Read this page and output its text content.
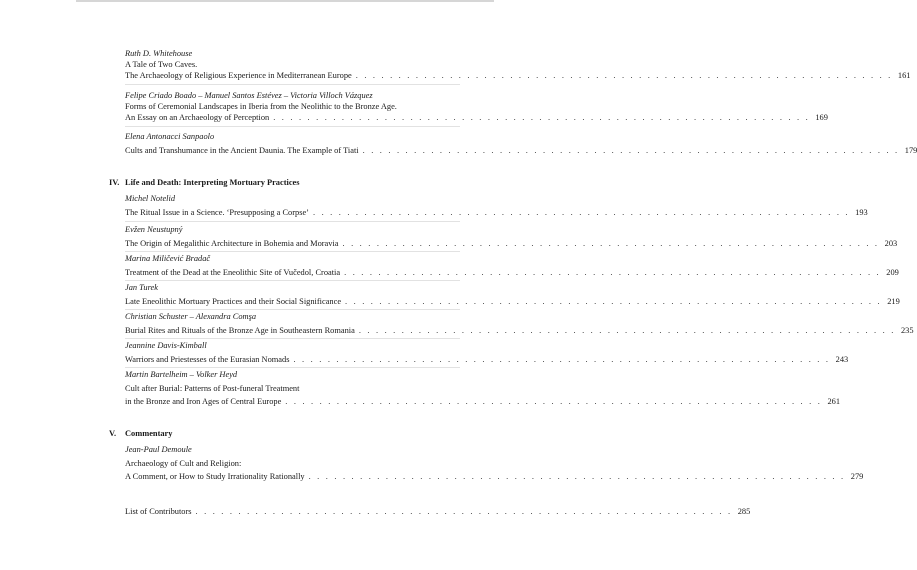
Ruth D. Whitehouse
A Tale of Two Caves.
The Archaeology of Religious Experience in Mediterranean Europe . . . . . . . . . . . . . . . . . . . . . . . . . . . . . . . . . . . . . . . . . . . . . . . . . . . . . . . . . . . . . . . 161
Felipe Criado Boado – Manuel Santos Estévez – Victoria Villoch Vázquez
Forms of Ceremonial Landscapes in Iberia from the Neolithic to the Bronze Age.
An Essay on an Archaeology of Perception . . . . . . . . . . . . . . . . . . . . . . . . . . . . . . . . . . . . . . . . . . . . . . . . . . . . . . . . . . . . . . . 169
Elena Antonacci Sanpaolo
Cults and Transhumance in the Ancient Daunia. The Example of Tiati . . . . . . . . . . . . . . . . . . . . . . . . . . . . . . . . . . . . . . . . . . . . . . . . . . . . . . . . . . . . . . . 179
IV. Life and Death: Interpreting Mortuary Practices
Michel Notelid
The Ritual Issue in a Science. ‘Presupposing a Corpse’ . . . . . . . . . . . . . . . . . . . . . . . . . . . . . . . . . . . . . . . . . . . . . . . . . . . . . . . . . . . . . . . 193
Evžen Neustupný
The Origin of Megalithic Architecture in Bohemia and Moravia . . . . . . . . . . . . . . . . . . . . . . . . . . . . . . . . . . . . . . . . . . . . . . . . . . . . . . . . . . . . . . . 203
Marina Miličević Bradač
Treatment of the Dead at the Eneolithic Site of Vučedol, Croatia . . . . . . . . . . . . . . . . . . . . . . . . . . . . . . . . . . . . . . . . . . . . . . . . . . . . . . . . . . . . . . . 209
Jan Turek
Late Eneolithic Mortuary Practices and their Social Significance . . . . . . . . . . . . . . . . . . . . . . . . . . . . . . . . . . . . . . . . . . . . . . . . . . . . . . . . . . . . . . . 219
Christian Schuster – Alexandra Comşa
Burial Rites and Rituals of the Bronze Age in Southeastern Romania . . . . . . . . . . . . . . . . . . . . . . . . . . . . . . . . . . . . . . . . . . . . . . . . . . . . . . . . . . . . . . . 235
Jeannine Davis-Kimball
Warriors and Priestesses of the Eurasian Nomads . . . . . . . . . . . . . . . . . . . . . . . . . . . . . . . . . . . . . . . . . . . . . . . . . . . . . . . . . . . . . . . 243
Martin Bartelheim – Volker Heyd
Cult after Burial: Patterns of Post-funeral Treatment
in the Bronze and Iron Ages of Central Europe . . . . . . . . . . . . . . . . . . . . . . . . . . . . . . . . . . . . . . . . . . . . . . . . . . . . . . . . . . . . . . . 261
V. Commentary
Jean-Paul Demoule
Archaeology of Cult and Religion:
A Comment, or How to Study Irrationality Rationally . . . . . . . . . . . . . . . . . . . . . . . . . . . . . . . . . . . . . . . . . . . . . . . . . . . . . . . . . . . . . . . 279
List of Contributors . . . . . . . . . . . . . . . . . . . . . . . . . . . . . . . . . . . . . . . . . . . . . . . . . . . . . . . . . . . . . . . 285
